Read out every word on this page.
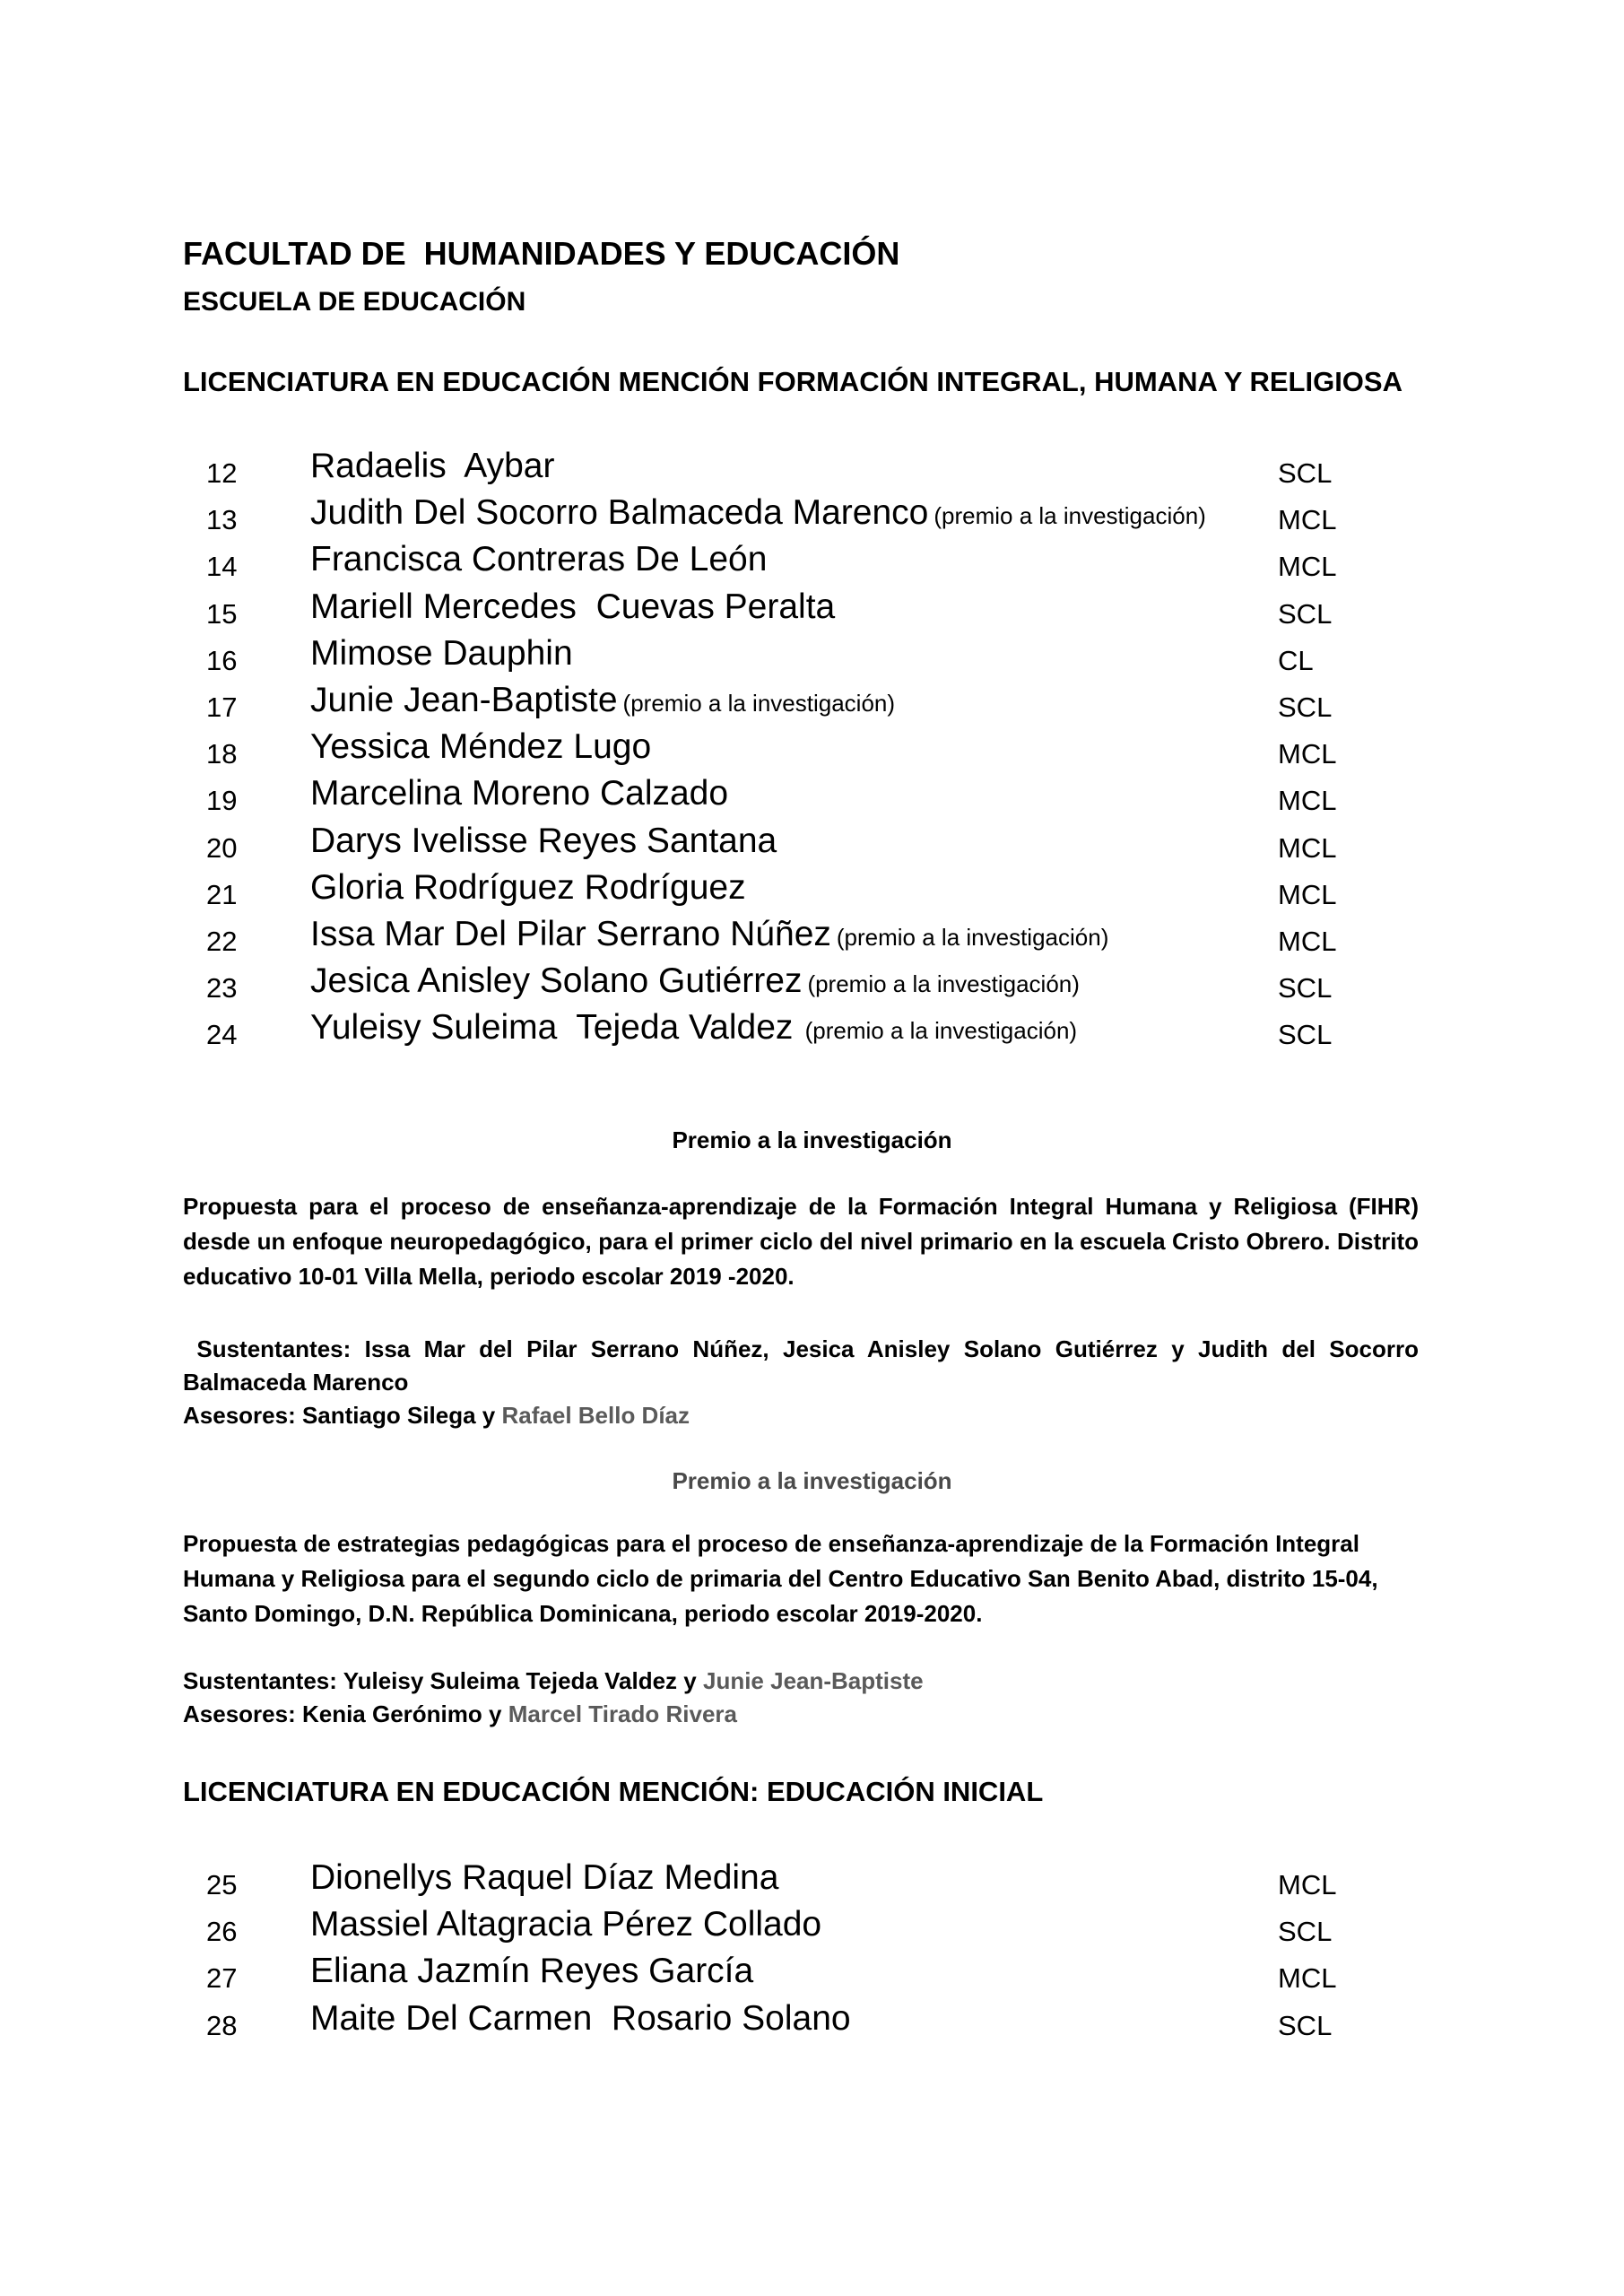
FACULTAD DE  HUMANIDADES Y EDUCACIÓN
ESCUELA DE EDUCACIÓN
LICENCIATURA EN EDUCACIÓN MENCIÓN FORMACIÓN INTEGRAL, HUMANA Y RELIGIOSA
12 Radaelis  Aybar	SCL
13 Judith Del Socorro Balmaceda Marenco (premio a la investigación)	MCL
14 Francisca Contreras De León	MCL
15 Mariell Mercedes  Cuevas Peralta	SCL
16 Mimose Dauphin	CL
17 Junie Jean-Baptiste (premio a la investigación)	SCL
18 Yessica Méndez Lugo	MCL
19 Marcelina Moreno Calzado	MCL
20 Darys Ivelisse Reyes Santana	MCL
21 Gloria Rodríguez Rodríguez	MCL
22 Issa Mar Del Pilar Serrano Núñez (premio a la investigación)	MCL
23 Jesica Anisley Solano Gutiérrez (premio a la investigación)	SCL
24 Yuleisy Suleima  Tejeda Valdez (premio a la investigación)	SCL

Premio a la investigación

Propuesta para el proceso de enseñanza-aprendizaje de la Formación Integral Humana y Religiosa (FIHR) desde un enfoque neuropedagógico, para el primer ciclo del nivel primario en la escuela Cristo Obrero. Distrito educativo 10-01 Villa Mella, periodo escolar 2019 -2020.

Sustentantes: Issa Mar del Pilar Serrano Núñez, Jesica Anisley Solano Gutiérrez y Judith del Socorro Balmaceda Marenco
Asesores: Santiago Silega y Rafael Bello Díaz

Premio a la investigación

Propuesta de estrategias pedagógicas para el proceso de enseñanza-aprendizaje de la Formación Integral Humana y Religiosa para el segundo ciclo de primaria del Centro Educativo San Benito Abad, distrito 15-04, Santo Domingo, D.N. República Dominicana, periodo escolar 2019-2020.

Sustentantes: Yuleisy Suleima Tejeda Valdez y Junie Jean-Baptiste
Asesores: Kenia Gerónimo y Marcel Tirado Rivera
LICENCIATURA EN EDUCACIÓN MENCIÓN: EDUCACIÓN INICIAL
25 Dionellys Raquel Díaz Medina	MCL
26 Massiel Altagracia Pérez Collado	SCL
27 Eliana Jazmín Reyes García	MCL
28 Maite Del Carmen  Rosario Solano	SCL
